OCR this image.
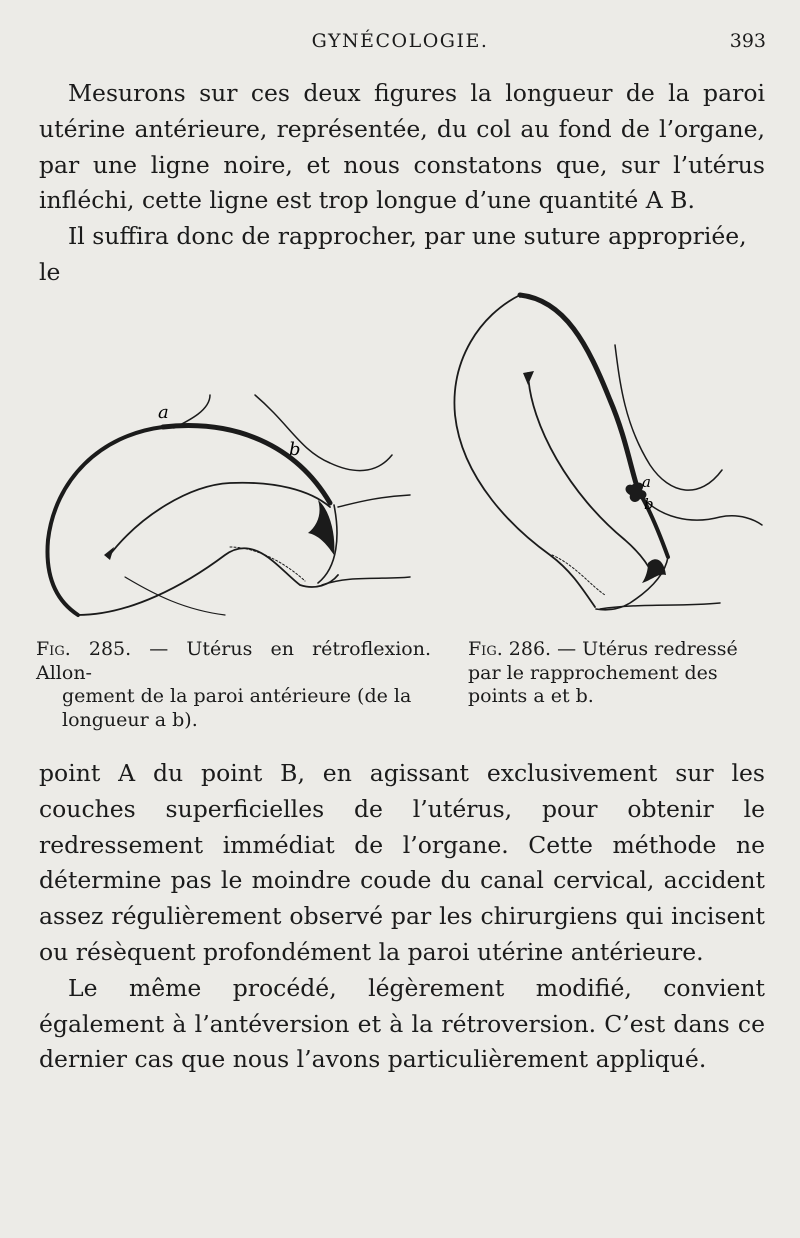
GYNÉCOLOGIE.	393

Mesurons sur ces deux figures la longueur de la paroi utérine antérieure, représentée, du col au fond de l’organe, par une ligne noire, et nous constatons que, sur l’utérus infléchi, cette ligne est trop longue d’une quantité A B.

Il suffira donc de rapprocher, par une suture appropriée, le

a
b
a
b
Fig. 285. — Utérus en rétroflexion. Allon-
gement de la paroi antérieure (de la
longueur a b).
Fig. 286. — Utérus redressé
par le rapprochement des
points a et b.

point A du point B, en agissant exclusivement sur les couches superficielles de l’utérus, pour obtenir le redressement immédiat de l’organe. Cette méthode ne détermine pas le moindre coude du canal cervical, accident assez régulièrement observé par les chirurgiens qui incisent ou résèquent profondément la paroi utérine antérieure.

Le même procédé, légèrement modifié, convient également à l’antéversion et à la rétroversion. C’est dans ce dernier cas que nous l’avons particulièrement appliqué.
